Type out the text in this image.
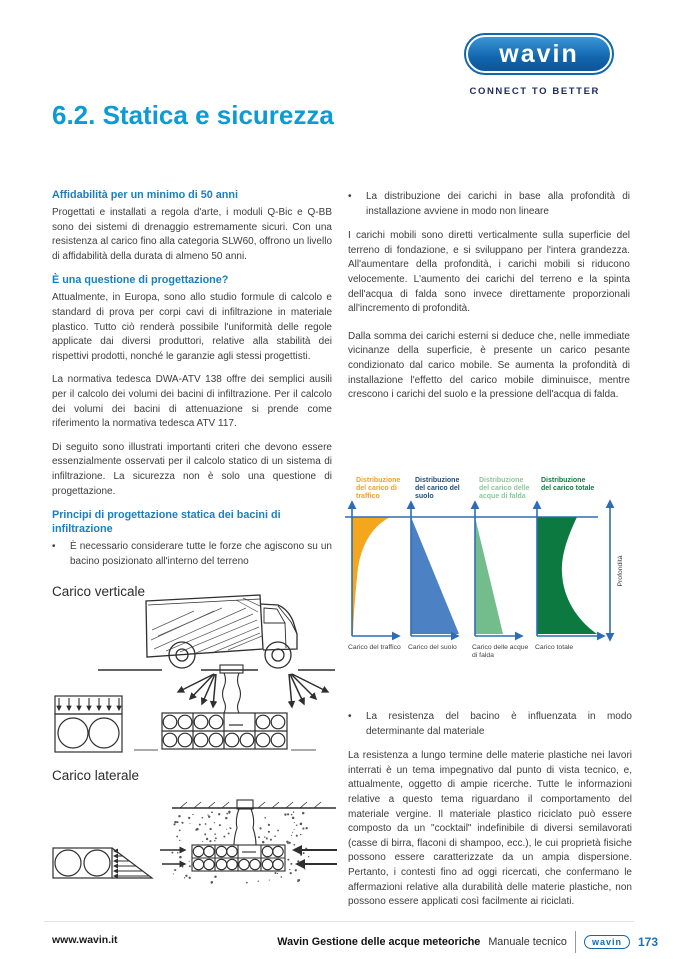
wavin
CONNECT TO BETTER
6.2. Statica e sicurezza
Affidabilità per un minimo di 50 anni

Progettati e installati a regola d'arte, i moduli Q-Bic e Q-BB sono dei sistemi di drenaggio estremamente sicuri. Con una resistenza al carico fino alla categoria SLW60, offrono un livello di affidabilità della durata di almeno 50 anni.

È una questione di progettazione?

Attualmente, in Europa, sono allo studio formule di calcolo e standard di prova per corpi cavi di infiltrazione in materiale plastico. Tutto ciò renderà possibile l'uniformità delle regole applicate dai diversi produttori, relative alla stabilità dei rispettivi prodotti, nonché le garanzie agli stessi progettisti.

La normativa tedesca DWA-ATV 138 offre dei semplici ausili per il calcolo dei volumi dei bacini di infiltrazione. Per il calcolo dei volumi dei bacini di attenuazione si prende come riferimento la normativa tedesca ATV 117.

Di seguito sono illustrati importanti criteri che devono essere essenzialmente osservati per il calcolo statico di un sistema di infiltrazione. La sicurezza non è solo una questione di progettazione.

Principi di progettazione statica dei bacini di infiltrazione
•	È necessario considerare tutte le forze che agiscono su un bacino posizionato all'interno del terreno
•	La distribuzione dei carichi in base alla profondità di installazione avviene in modo non lineare

I carichi mobili sono diretti verticalmente sulla superficie del terreno di fondazione, e si sviluppano per l'intera grandezza. All'aumentare della profondità, i carichi mobili si riducono velocemente. L'aumento dei carichi del terreno e la spinta dell'acqua di falda sono invece direttamente proporzionali all'incremento di profondità.

Dalla somma dei carichi esterni si deduce che, nelle immediate vicinanze della superficie, è presente un carico pesante condizionato dal carico mobile. Se aumenta la profondità di installazione l'effetto del carico mobile diminuisce, mentre crescono i carichi del suolo e la pressione dell'acqua di falda.

Distribuzione
del carico di
traffico
Distribuzione
del carico del
suolo
Distribuzione
del carico delle
acque di falda
Distribuzione
del carico totale
Carico del traffico Carico del suolo Carico delle acque
di falda
Carico totale
Profondità
•	La resistenza del bacino è influenzata in modo determinante dal materiale

La resistenza a lungo termine delle materie plastiche nei lavori interrati è un tema impegnativo dal punto di vista tecnico, e, attualmente, oggetto di ampie ricerche. Tutte le informazioni relative a questo tema riguardano il comportamento del materiale vergine. Il materiale plastico riciclato può essere composto da un "cocktail" indefinibile di diversi semilavorati (casse di birra, flaconi di shampoo, ecc.), le cui proprietà fisiche possono essere caratterizzate da un ampia dispersione. Pertanto, i contesti fino ad oggi ricercati, che confermano le affermazioni relative alla durabilità delle materie plastiche, non possono essere applicati così facilmente ai riciclati.

Carico verticale
Carico laterale
www.wavin.it	Wavin Gestione delle acque meteoriche Manuale tecnico	wavin 173
